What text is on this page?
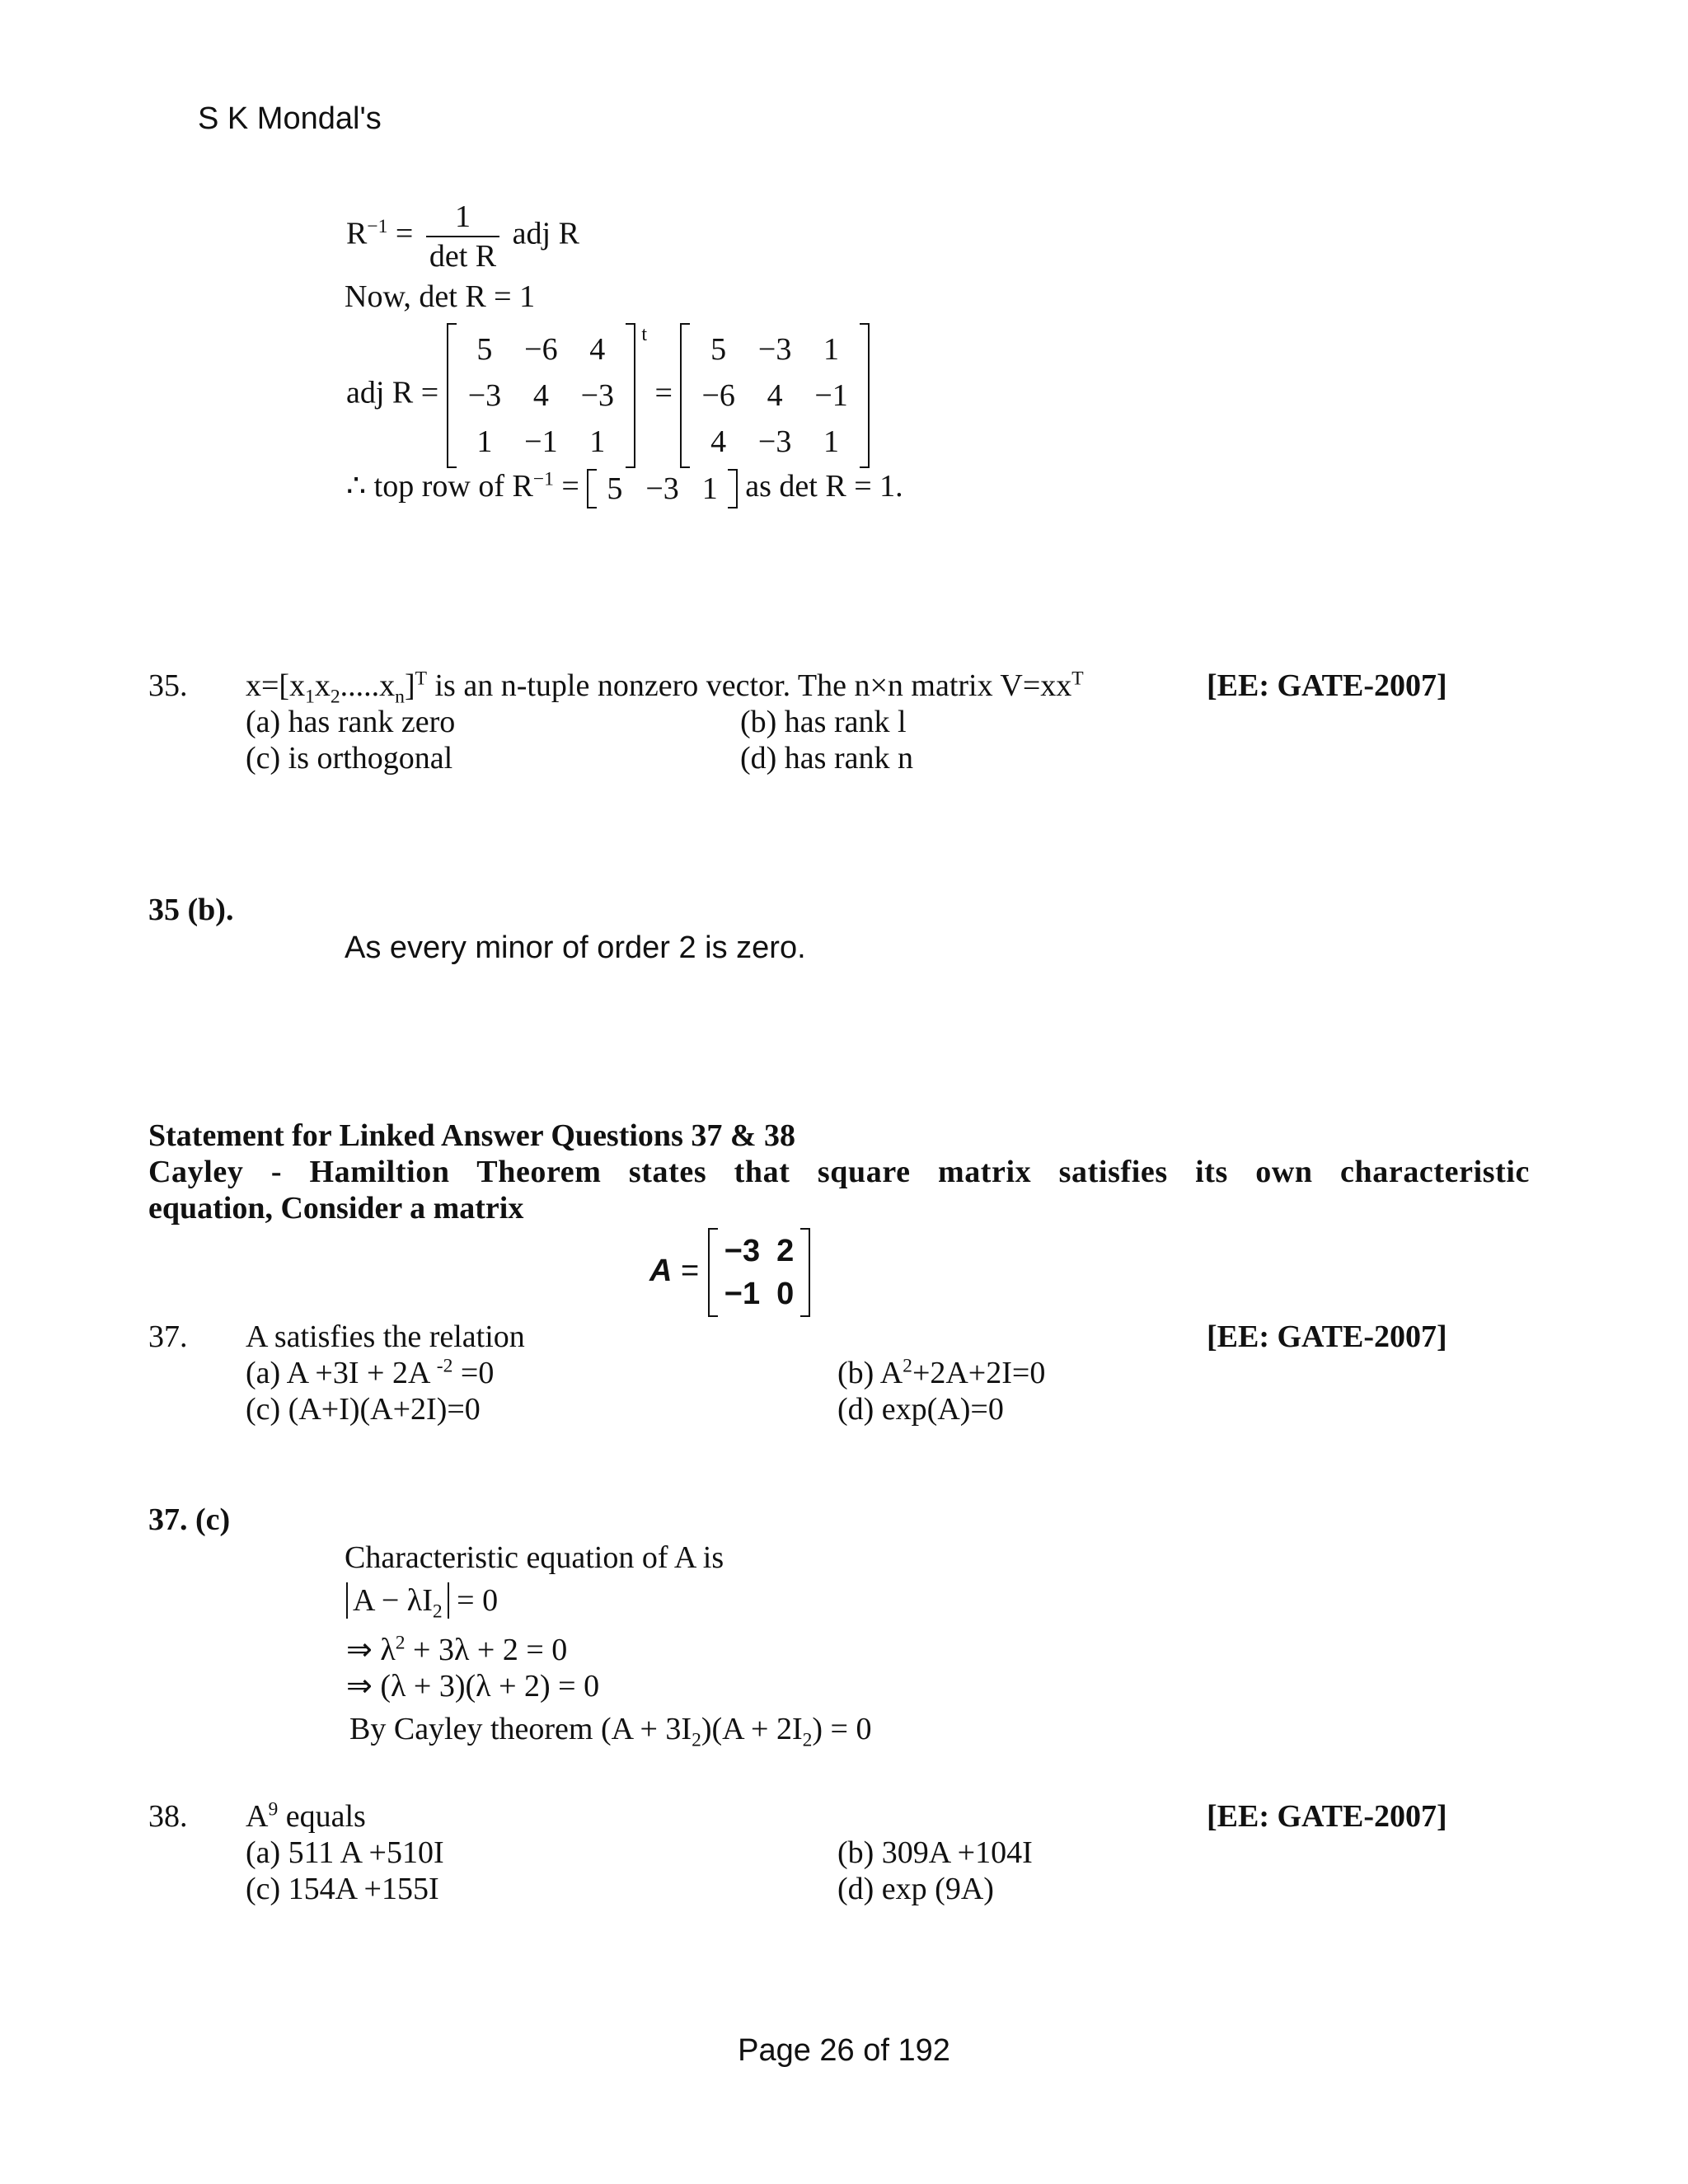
S K Mondal's
$R^{-1} = \frac{1}{\text{det R}}$ adj R
Now, det R = 1
adj R =
5	−6	4
−3	4	−3
1	−1	1
t
=
5	−3	1
−6	4	−1
4	−3	1
∴ top row of $R^{-1} = 5$	−3	1 as det R = 1.
35. $x=[x_1x_2.....x_n]^T$ is an n-tuple nonzero vector. The n×n matrix $V=xx^T$	[EE: GATE-2007]
(a) has rank zero	(b) has rank l
(c) is orthogonal	(d) has rank n
35 (b).
As every minor of order 2 is zero.
Statement for Linked Answer Questions 37 & 38
Cayley - Hamiltion Theorem states that square matrix satisfies its own characteristic
equation, Consider a matrix
A =
−3	2
−1	0
37. A satisfies the relation	[EE: GATE-2007]
(a) A +3I + 2A $^{-2}$ =0	(b) $A^2+2A+2I=0$
(c) (A+I)(A+2I)=0	(d) exp(A)=0
37. (c)
Characteristic equation of A is
$A - \lambda I_2 = 0$
⇒ $\lambda^2 + 3\lambda + 2 = 0$
⇒ (λ + 3)(λ + 2) = 0
By Cayley theorem $(A + 3I_2)(A + 2I_2) = 0$
38. $A^9$ equals	[EE: GATE-2007]
(a) 511 A +510I	(b) 309A +104I
(c) 154A +155I	(d) exp (9A)
Page 26 of 192
